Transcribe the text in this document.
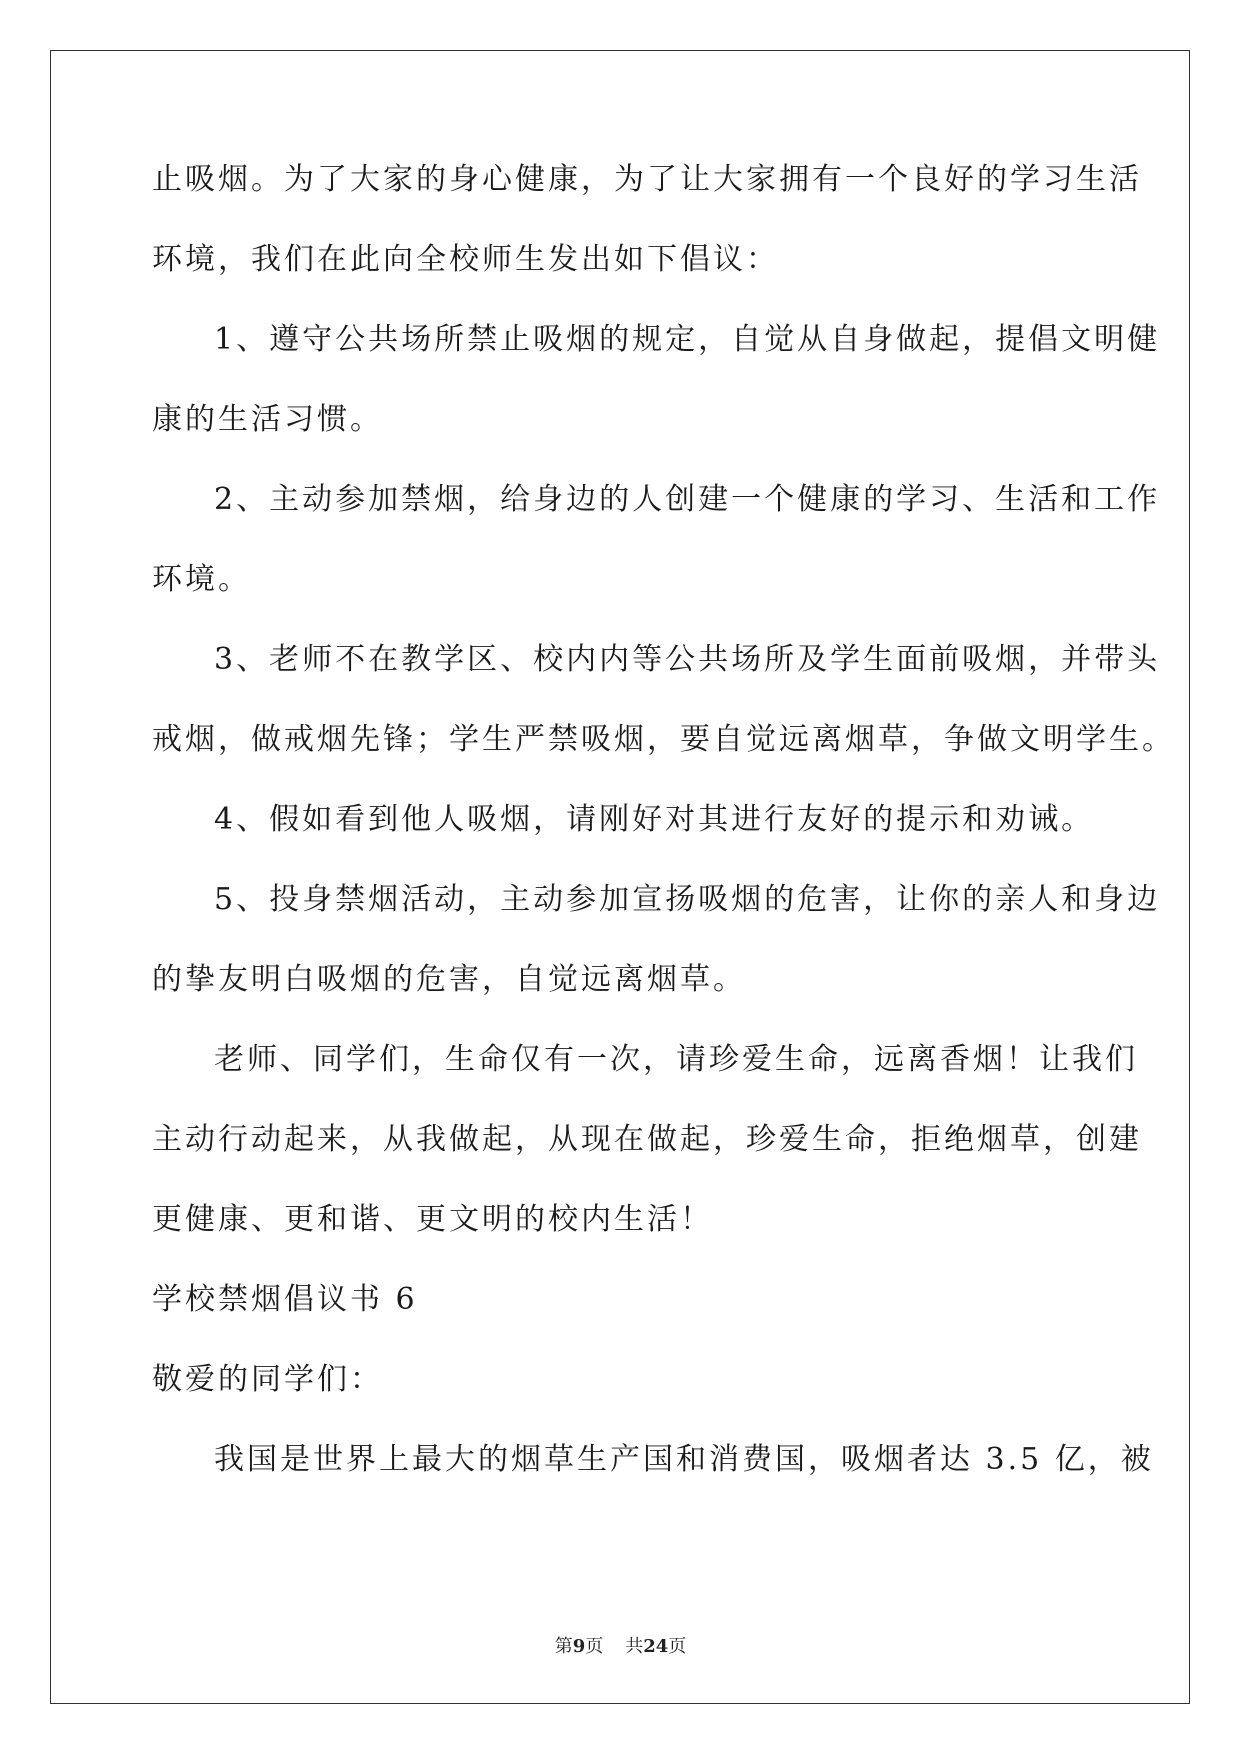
止吸烟。为了大家的身心健康，为了让大家拥有一个良好的学习生活
环境，我们在此向全校师生发出如下倡议：
1、遵守公共场所禁止吸烟的规定，自觉从自身做起，提倡文明健
康的生活习惯。
2、主动参加禁烟，给身边的人创建一个健康的学习、生活和工作
环境。
3、老师不在教学区、校内内等公共场所及学生面前吸烟，并带头
戒烟，做戒烟先锋；学生严禁吸烟，要自觉远离烟草，争做文明学生。
4、假如看到他人吸烟，请刚好对其进行友好的提示和劝诫。
5、投身禁烟活动，主动参加宣扬吸烟的危害，让你的亲人和身边
的挚友明白吸烟的危害，自觉远离烟草。
老师、同学们，生命仅有一次，请珍爱生命，远离香烟！让我们
主动行动起来，从我做起，从现在做起，珍爱生命，拒绝烟草，创建
更健康、更和谐、更文明的校内生活！
学校禁烟倡议书 6
敬爱的同学们：
我国是世界上最大的烟草生产国和消费国，吸烟者达 3.5 亿，被
第9页 共24页
